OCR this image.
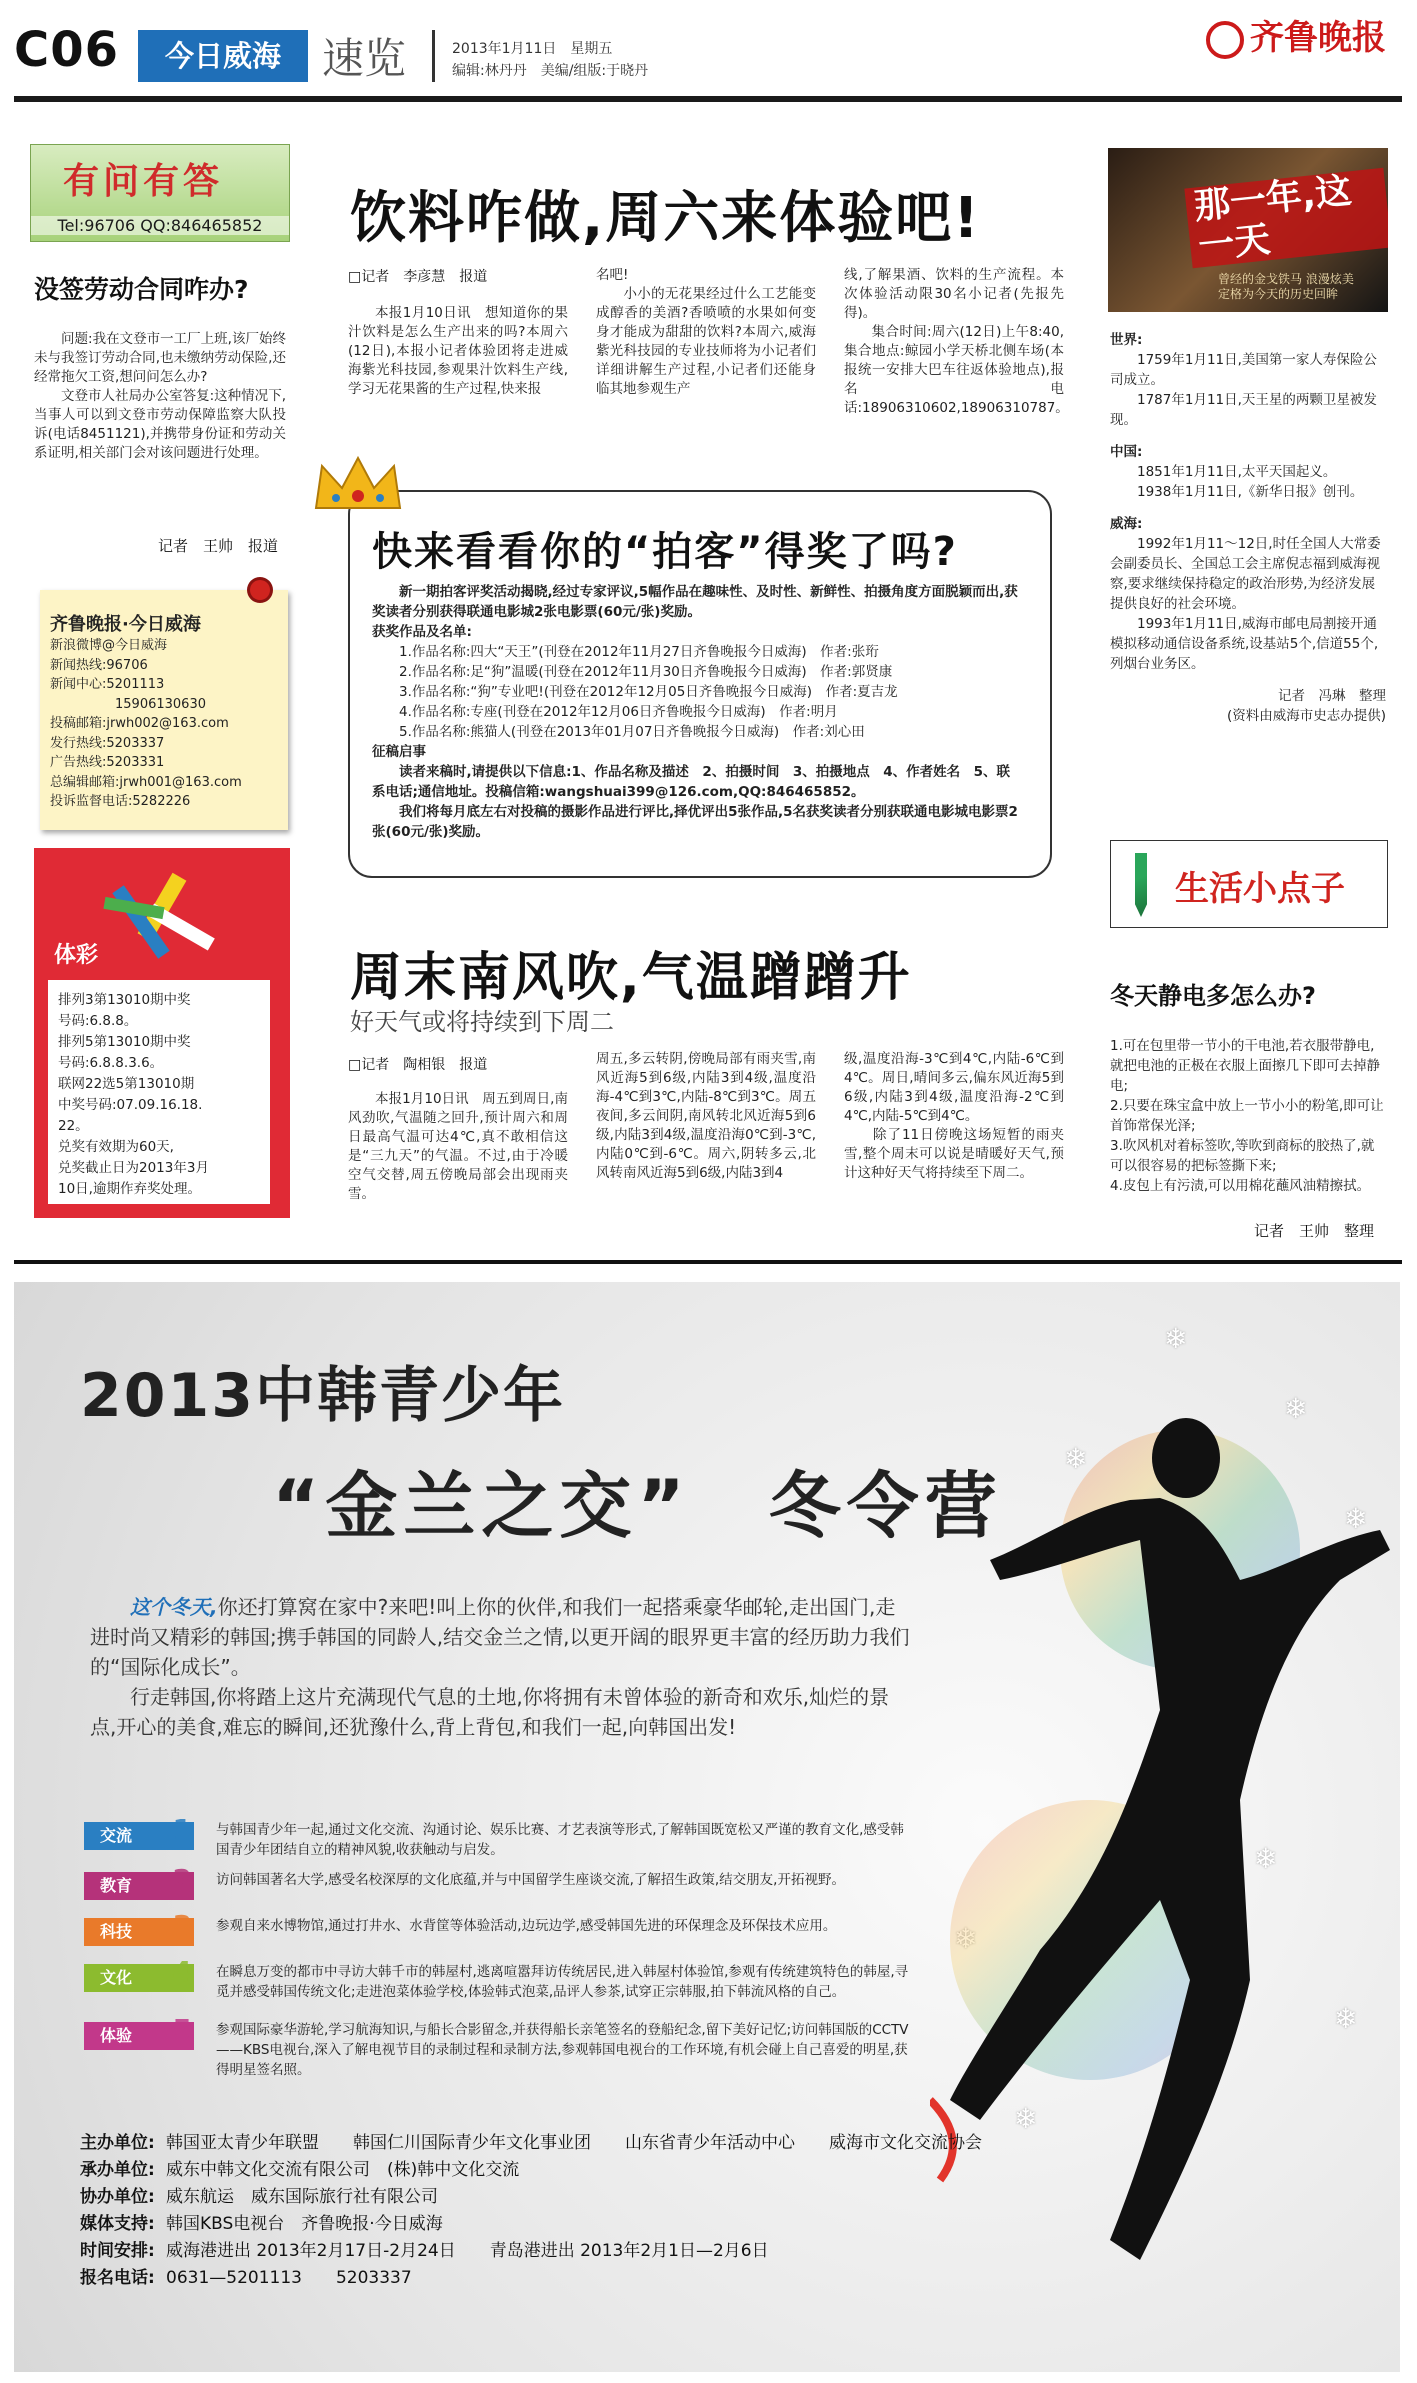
C06	今日威海 速览	2013年1月11日　星期五
编辑:林丹丹　美编/组版:于晓丹
齐鲁晚报
有问有答
Tel:96706 QQ:846465852
没签劳动合同咋办?
问题:我在文登市一工厂上班,该厂始终未与我签订劳动合同,也未缴纳劳动保险,还经常拖欠工资,想问问怎么办?
文登市人社局办公室答复:这种情况下,当事人可以到文登市劳动保障监察大队投诉(电话8451121),并携带身份证和劳动关系证明,相关部门会对该问题进行处理。
记者　王帅　报道
齐鲁晚报·今日威海
新浪微博@今日威海
新闻热线:96706
新闻中心:5201113
　　　　　15906130630
投稿邮箱:jrwh002@163.com
发行热线:5203337
广告热线:5203331
总编辑邮箱:jrwh001@163.com
投诉监督电话:5282226
体彩
排列3第13010期中奖
号码:6.8.8。
排列5第13010期中奖
号码:6.8.8.3.6。
联网22选5第13010期
中奖号码:07.09.16.18.
22。
兑奖有效期为60天,
兑奖截止日为2013年3月
10日,逾期作弃奖处理。
饮料咋做,周六来体验吧!
□记者　李彦慧　报道
本报1月10日讯　想知道你的果汁饮料是怎么生产出来的吗?本周六(12日),本报小记者体验团将走进威海紫光科技园,参观果汁饮料生产线,学习无花果酱的生产过程,快来报
名吧!
　　小小的无花果经过什么工艺能变成醇香的美酒?香喷喷的水果如何变身才能成为甜甜的饮料?本周六,威海紫光科技园的专业技师将为小记者们详细讲解生产过程,小记者们还能身临其地参观生产
线,了解果酒、饮料的生产流程。本次体验活动限30名小记者(先报先得)。
　　集合时间:周六(12日)上午8:40,集合地点:鲸园小学天桥北侧车场(本报统一安排大巴车往返体验地点),报名电话:18906310602,18906310787。
快来看看你的“拍客”得奖了吗?
新一期拍客评奖活动揭晓,经过专家评议,5幅作品在趣味性、及时性、新鲜性、拍摄角度方面脱颖而出,获奖读者分别获得联通电影城2张电影票(60元/张)奖励。
获奖作品及名单:
1.作品名称:四大“天王”(刊登在2012年11月27日齐鲁晚报今日威海)　作者:张珩
2.作品名称:足“狗”温暖(刊登在2012年11月30日齐鲁晚报今日威海)　作者:郭贤康
3.作品名称:“狗”专业吧!(刊登在2012年12月05日齐鲁晚报今日威海)　作者:夏吉龙
4.作品名称:专座(刊登在2012年12月06日齐鲁晚报今日威海)　作者:明月
5.作品名称:熊猫人(刊登在2013年01月07日齐鲁晚报今日威海)　作者:刘心田
征稿启事
读者来稿时,请提供以下信息:1、作品名称及描述　2、拍摄时间　3、拍摄地点　4、作者姓名　5、联系电话;通信地址。投稿信箱:wangshuai399@126.com,QQ:846465852。
我们将每月底左右对投稿的摄影作品进行评比,择优评出5张作品,5名获奖读者分别获联通电影城电影票2张(60元/张)奖励。
周末南风吹,气温蹭蹭升
好天气或将持续到下周二
□记者　陶相银　报道
本报1月10日讯　周五到周日,南风劲吹,气温随之回升,预计周六和周日最高气温可达4℃,真不敢相信这是“三九天”的气温。不过,由于冷暖空气交替,周五傍晚局部会出现雨夹雪。
周五,多云转阴,傍晚局部有雨夹雪,南风近海5到6级,内陆3到4级,温度沿海-4℃到3℃,内陆-8℃到3℃。周五夜间,多云间阴,南风转北风近海5到6级,内陆3到4级,温度沿海0℃到-3℃,内陆0℃到-6℃。周六,阴转多云,北风转南风近海5到6级,内陆3到4
级,温度沿海-3℃到4℃,内陆-6℃到4℃。周日,晴间多云,偏东风近海5到6级,内陆3到4级,温度沿海-2℃到4℃,内陆-5℃到4℃。
　　除了11日傍晚这场短暂的雨夹雪,整个周末可以说是晴暖好天气,预计这种好天气将持续至下周二。
那一年,这一天
曾经的金戈铁马 浪漫炫美
定格为今天的历史回眸
世界:

1759年1月11日,美国第一家人寿保险公司成立。

1787年1月11日,天王星的两颗卫星被发现。

中国:

1851年1月11日,太平天国起义。

1938年1月11日,《新华日报》创刊。

威海:

1992年1月11～12日,时任全国人大常委会副委员长、全国总工会主席倪志福到威海视察,要求继续保持稳定的政治形势,为经济发展提供良好的社会环境。

1993年1月11日,威海市邮电局割接开通模拟移动通信设备系统,设基站5个,信道55个,列烟台业务区。

记者　冯琳　整理
(资料由威海市史志办提供)
生活小点子
冬天静电多怎么办?
1.可在包里带一节小的干电池,若衣服带静电,就把电池的正极在衣服上面擦几下即可去掉静电;
2.只要在珠宝盒中放上一节小小的粉笔,即可让首饰常保光泽;
3.吹风机对着标签吹,等吹到商标的胶热了,就可以很容易的把标签撕下来;
4.皮包上有污渍,可以用棉花蘸风油精擦拭。
记者　王帅　整理
❄
❄
❄
❄
❄
❄
❄
❄
2013中韩青少年
“金兰之交”　冬令营
这个冬天,你还打算窝在家中?来吧!叫上你的伙伴,和我们一起搭乘豪华邮轮,走出国门,走进时尚又精彩的韩国;携手韩国的同龄人,结交金兰之情,以更开阔的眼界更丰富的经历助力我们的“国际化成长”。
行走韩国,你将踏上这片充满现代气息的土地,你将拥有未曾体验的新奇和欢乐,灿烂的景点,开心的美食,难忘的瞬间,还犹豫什么,背上背包,和我们一起,向韩国出发!
交流	1 与韩国青少年一起,通过文化交流、沟通讨论、娱乐比赛、才艺表演等形式,了解韩国既宽松又严谨的教育文化,感受韩国青少年团结自立的精神风貌,收获触动与启发。
教育	2 访问韩国著名大学,感受名校深厚的文化底蕴,并与中国留学生座谈交流,了解招生政策,结交朋友,开拓视野。
科技	3 参观自来水博物馆,通过打井水、水背筐等体验活动,边玩边学,感受韩国先进的环保理念及环保技术应用。
文化	4 在瞬息万变的都市中寻访大韩千市的韩屋村,逃离喧嚣拜访传统居民,进入韩屋村体验馆,参观有传统建筑特色的韩屋,寻觅并感受韩国传统文化;走进泡菜体验学校,体验韩式泡菜,品评人参茶,试穿正宗韩服,拍下韩流风格的自己。
体验	5 参观国际豪华游轮,学习航海知识,与船长合影留念,并获得船长亲笔签名的登船纪念,留下美好记忆;访问韩国版的CCTV——KBS电视台,深入了解电视节目的录制过程和录制方法,参观韩国电视台的工作环境,有机会碰上自己喜爱的明星,获得明星签名照。
主办单位: 韩国亚太青少年联盟　　韩国仁川国际青少年文化事业团　　山东省青少年活动中心　　威海市文化交流协会
承办单位: 威东中韩文化交流有限公司　(株)韩中文化交流
协办单位: 威东航运　威东国际旅行社有限公司
媒体支持: 韩国KBS电视台　齐鲁晚报·今日威海
时间安排: 威海港进出 2013年2月17日-2月24日　　青岛港进出 2013年2月1日—2月6日
报名电话: 0631—5201113　　5203337
